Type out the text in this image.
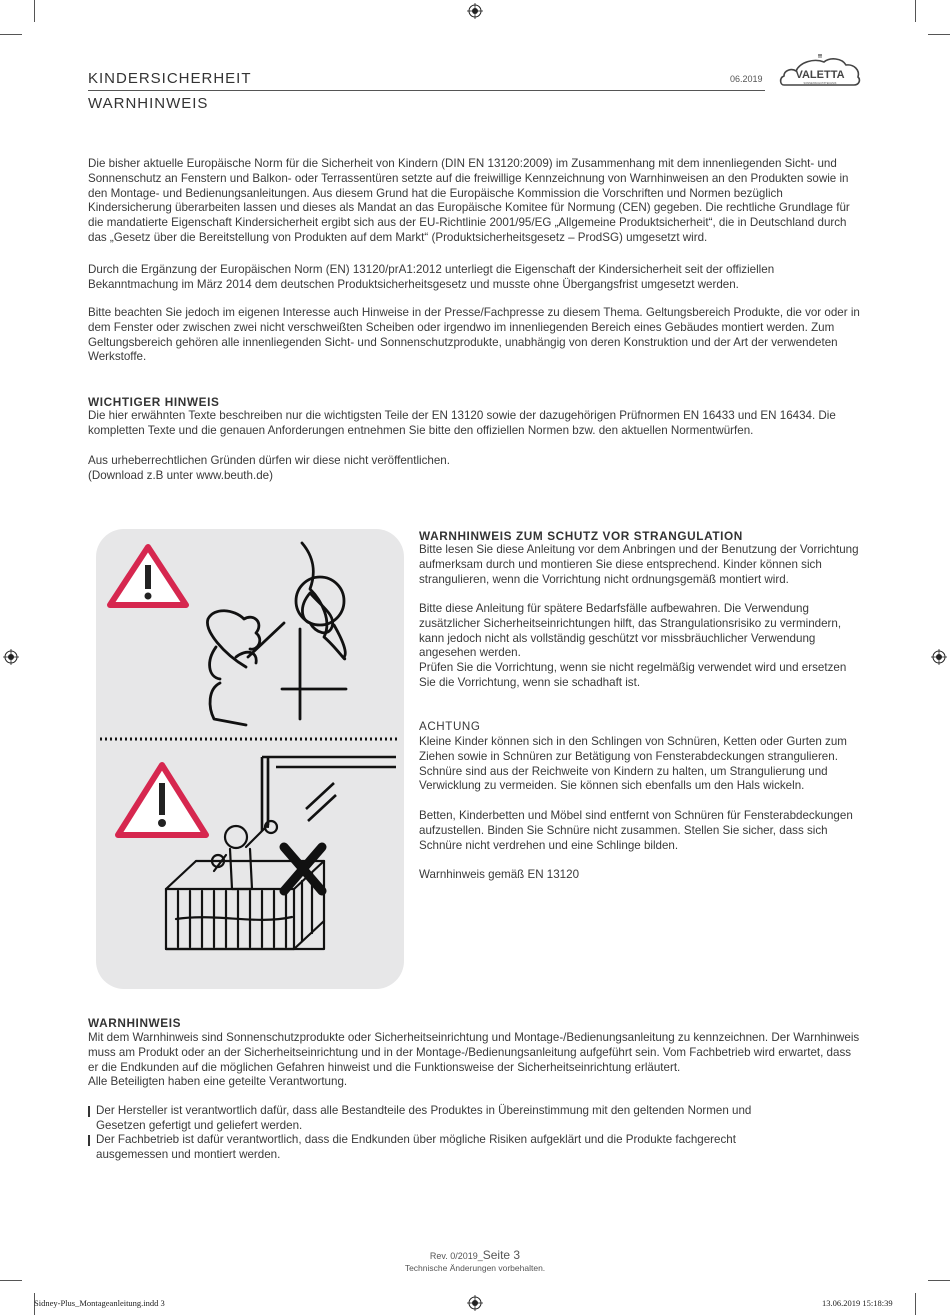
KINDERSICHERHEIT
WARNHINWEIS
06.2019	VALETTA
SONNENSCHUTZTECHNIK

Die bisher aktuelle Europäische Norm für die Sicherheit von Kindern (DIN EN 13120:2009) im Zusammenhang mit dem innenliegenden Sicht- und Sonnenschutz an Fenstern und Balkon- oder Terrassentüren setzte auf die freiwillige Kennzeichnung von Warnhinweisen an den Produkten sowie in den Montage- und Bedienungsanleitungen. Aus diesem Grund hat die Europäische Kommission die Vorschriften und Normen bezüglich Kindersicherung überarbeiten lassen und dieses als Mandat an das Europäische Komitee für Normung (CEN) gegeben. Die rechtliche Grundlage für die mandatierte Eigenschaft Kindersicherheit ergibt sich aus der EU-Richtlinie 2001/95/EG „Allgemeine Produktsicherheit“, die in Deutschland durch das „Gesetz über die Bereitstellung von Produkten auf dem Markt“ (Produktsicherheitsgesetz – ProdSG) umgesetzt wird.

Durch die Ergänzung der Europäischen Norm (EN) 13120/prA1:2012 unterliegt die Eigenschaft der Kindersicherheit seit der offiziellen Bekanntmachung im März 2014 dem deutschen Produktsicherheitsgesetz und musste ohne Übergangsfrist umgesetzt werden.

Bitte beachten Sie jedoch im eigenen Interesse auch Hinweise in der Presse/Fachpresse zu diesem Thema. Geltungsbereich Produkte, die vor oder in dem Fenster oder zwischen zwei nicht verschweißten Scheiben oder irgendwo im innenliegenden Bereich eines Gebäudes montiert werden. Zum Geltungsbereich gehören alle innenliegenden Sicht- und Sonnenschutzprodukte, unabhängig von deren Konstruktion und der Art der verwendeten Werkstoffe.

WICHTIGER HINWEIS

Die hier erwähnten Texte beschreiben nur die wichtigsten Teile der EN 13120 sowie der dazugehörigen Prüfnormen EN 16433 und EN 16434. Die kompletten Texte und die genauen Anforderungen entnehmen Sie bitte den offiziellen Normen bzw. den aktuellen Normentwürfen.

Aus urheberrechtlichen Gründen dürfen wir diese nicht veröffentlichen.

(Download z.B unter www.beuth.de)

WARNHINWEIS ZUM SCHUTZ VOR STRANGULATION
Bitte lesen Sie diese Anleitung vor dem Anbringen und der Benutzung der Vorrichtung aufmerksam durch und montieren Sie diese entsprechend. Kinder können sich strangulieren, wenn die Vorrichtung nicht ordnungsgemäß montiert wird.
Bitte diese Anleitung für spätere Bedarfsfälle aufbewahren. Die Verwendung zusätzlicher Sicherheitseinrichtungen hilft, das Strangulationsrisiko zu vermindern, kann jedoch nicht als vollständig geschützt vor missbräuchlicher Verwendung angesehen werden.
Prüfen Sie die Vorrichtung, wenn sie nicht regelmäßig verwendet wird und ersetzen Sie die Vorrichtung, wenn sie schadhaft ist.
ACHTUNG
Kleine Kinder können sich in den Schlingen von Schnüren, Ketten oder Gurten zum Ziehen sowie in Schnüren zur Betätigung von Fensterabdeckungen strangulieren. Schnüre sind aus der Reichweite von Kindern zu halten, um Strangulierung und Verwicklung zu vermeiden. Sie können sich ebenfalls um den Hals wickeln.
Betten, Kinderbetten und Möbel sind entfernt von Schnüren für Fensterabdeckungen aufzustellen. Binden Sie Schnüre nicht zusammen. Stellen Sie sicher, dass sich Schnüre nicht verdrehen und eine Schlinge bilden.
Warnhinweis gemäß EN 13120
WARNHINWEIS

Mit dem Warnhinweis sind Sonnenschutzprodukte oder Sicherheitseinrichtung und Montage-/Bedienungsanleitung zu kennzeichnen. Der Warnhinweis muss am Produkt oder an der Sicherheitseinrichtung und in der Montage-/Bedienungsanleitung aufgeführt sein. Vom Fachbetrieb wird erwartet, dass er die Endkunden auf die möglichen Gefahren hinweist und die Funktionsweise der Sicherheitseinrichtung erläutert.

Alle Beteiligten haben eine geteilte Verantwortung.

Der Hersteller ist verantwortlich dafür, dass alle Bestandteile des Produktes in Übereinstimmung mit den geltenden Normen und Gesetzen gefertigt und geliefert werden.
Der Fachbetrieb ist dafür verantwortlich, dass die Endkunden über mögliche Risiken aufgeklärt und die Produkte fachgerecht ausgemessen und montiert werden.
Rev. 0/2019_Seite 3
Technische Änderungen vorbehalten.
Sidney-Plus_Montageanleitung.indd 3	13.06.2019 15:18:39
